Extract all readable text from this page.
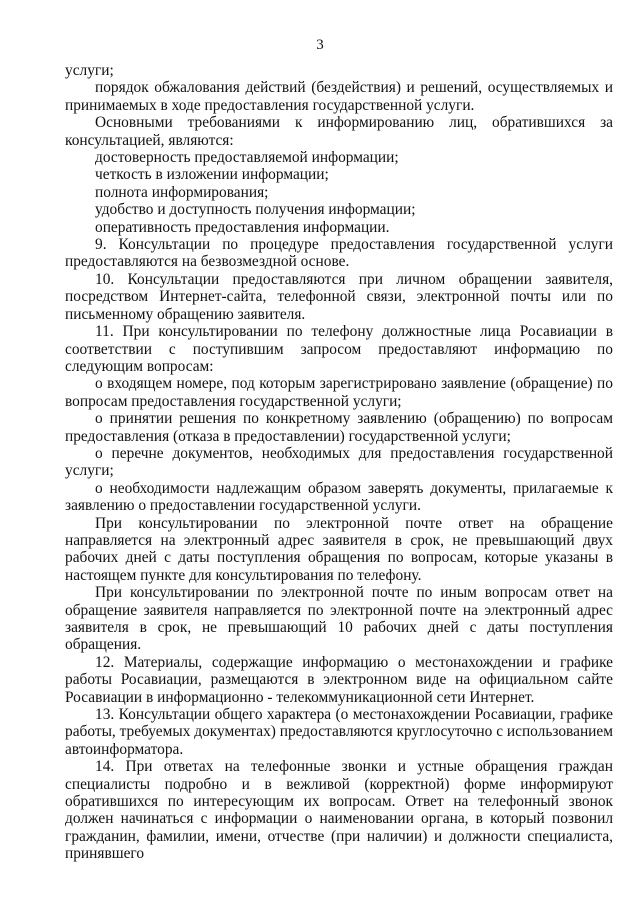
3

услуги;

порядок обжалования действий (бездействия) и решений, осуществляемых и принимаемых в ходе предоставления государственной услуги.

Основными требованиями к информированию лиц, обратившихся за консультацией, являются:

достоверность предоставляемой информации;

четкость в изложении информации;

полнота информирования;

удобство и доступность получения информации;

оперативность предоставления информации.

9. Консультации по процедуре предоставления государственной услуги предоставляются на безвозмездной основе.

10. Консультации предоставляются при личном обращении заявителя, посредством Интернет-сайта, телефонной связи, электронной почты или по письменному обращению заявителя.

11. При консультировании по телефону должностные лица Росавиации в соответствии с поступившим запросом предоставляют информацию по следующим вопросам:

о входящем номере, под которым зарегистрировано заявление (обращение) по вопросам предоставления государственной услуги;

о принятии решения по конкретному заявлению (обращению) по вопросам предоставления (отказа в предоставлении) государственной услуги;

о перечне документов, необходимых для предоставления государственной услуги;

о необходимости надлежащим образом заверять документы, прилагаемые к заявлению о предоставлении государственной услуги.

При консультировании по электронной почте ответ на обращение направляется на электронный адрес заявителя в срок, не превышающий двух рабочих дней с даты поступления обращения по вопросам, которые указаны в настоящем пункте для консультирования по телефону.

При консультировании по электронной почте по иным вопросам ответ на обращение заявителя направляется по электронной почте на электронный адрес заявителя в срок, не превышающий 10 рабочих дней с даты поступления обращения.

12. Материалы, содержащие информацию о местонахождении и графике работы Росавиации, размещаются в электронном виде на официальном сайте Росавиации в информационно - телекоммуникационной сети Интернет.

13. Консультации общего характера (о местонахождении Росавиации, графике работы, требуемых документах) предоставляются круглосуточно с использованием автоинформатора.

14. При ответах на телефонные звонки и устные обращения граждан специалисты подробно и в вежливой (корректной) форме информируют обратившихся по интересующим их вопросам. Ответ на телефонный звонок должен начинаться с информации о наименовании органа, в который позвонил гражданин, фамилии, имени, отчестве (при наличии) и должности специалиста, принявшего
